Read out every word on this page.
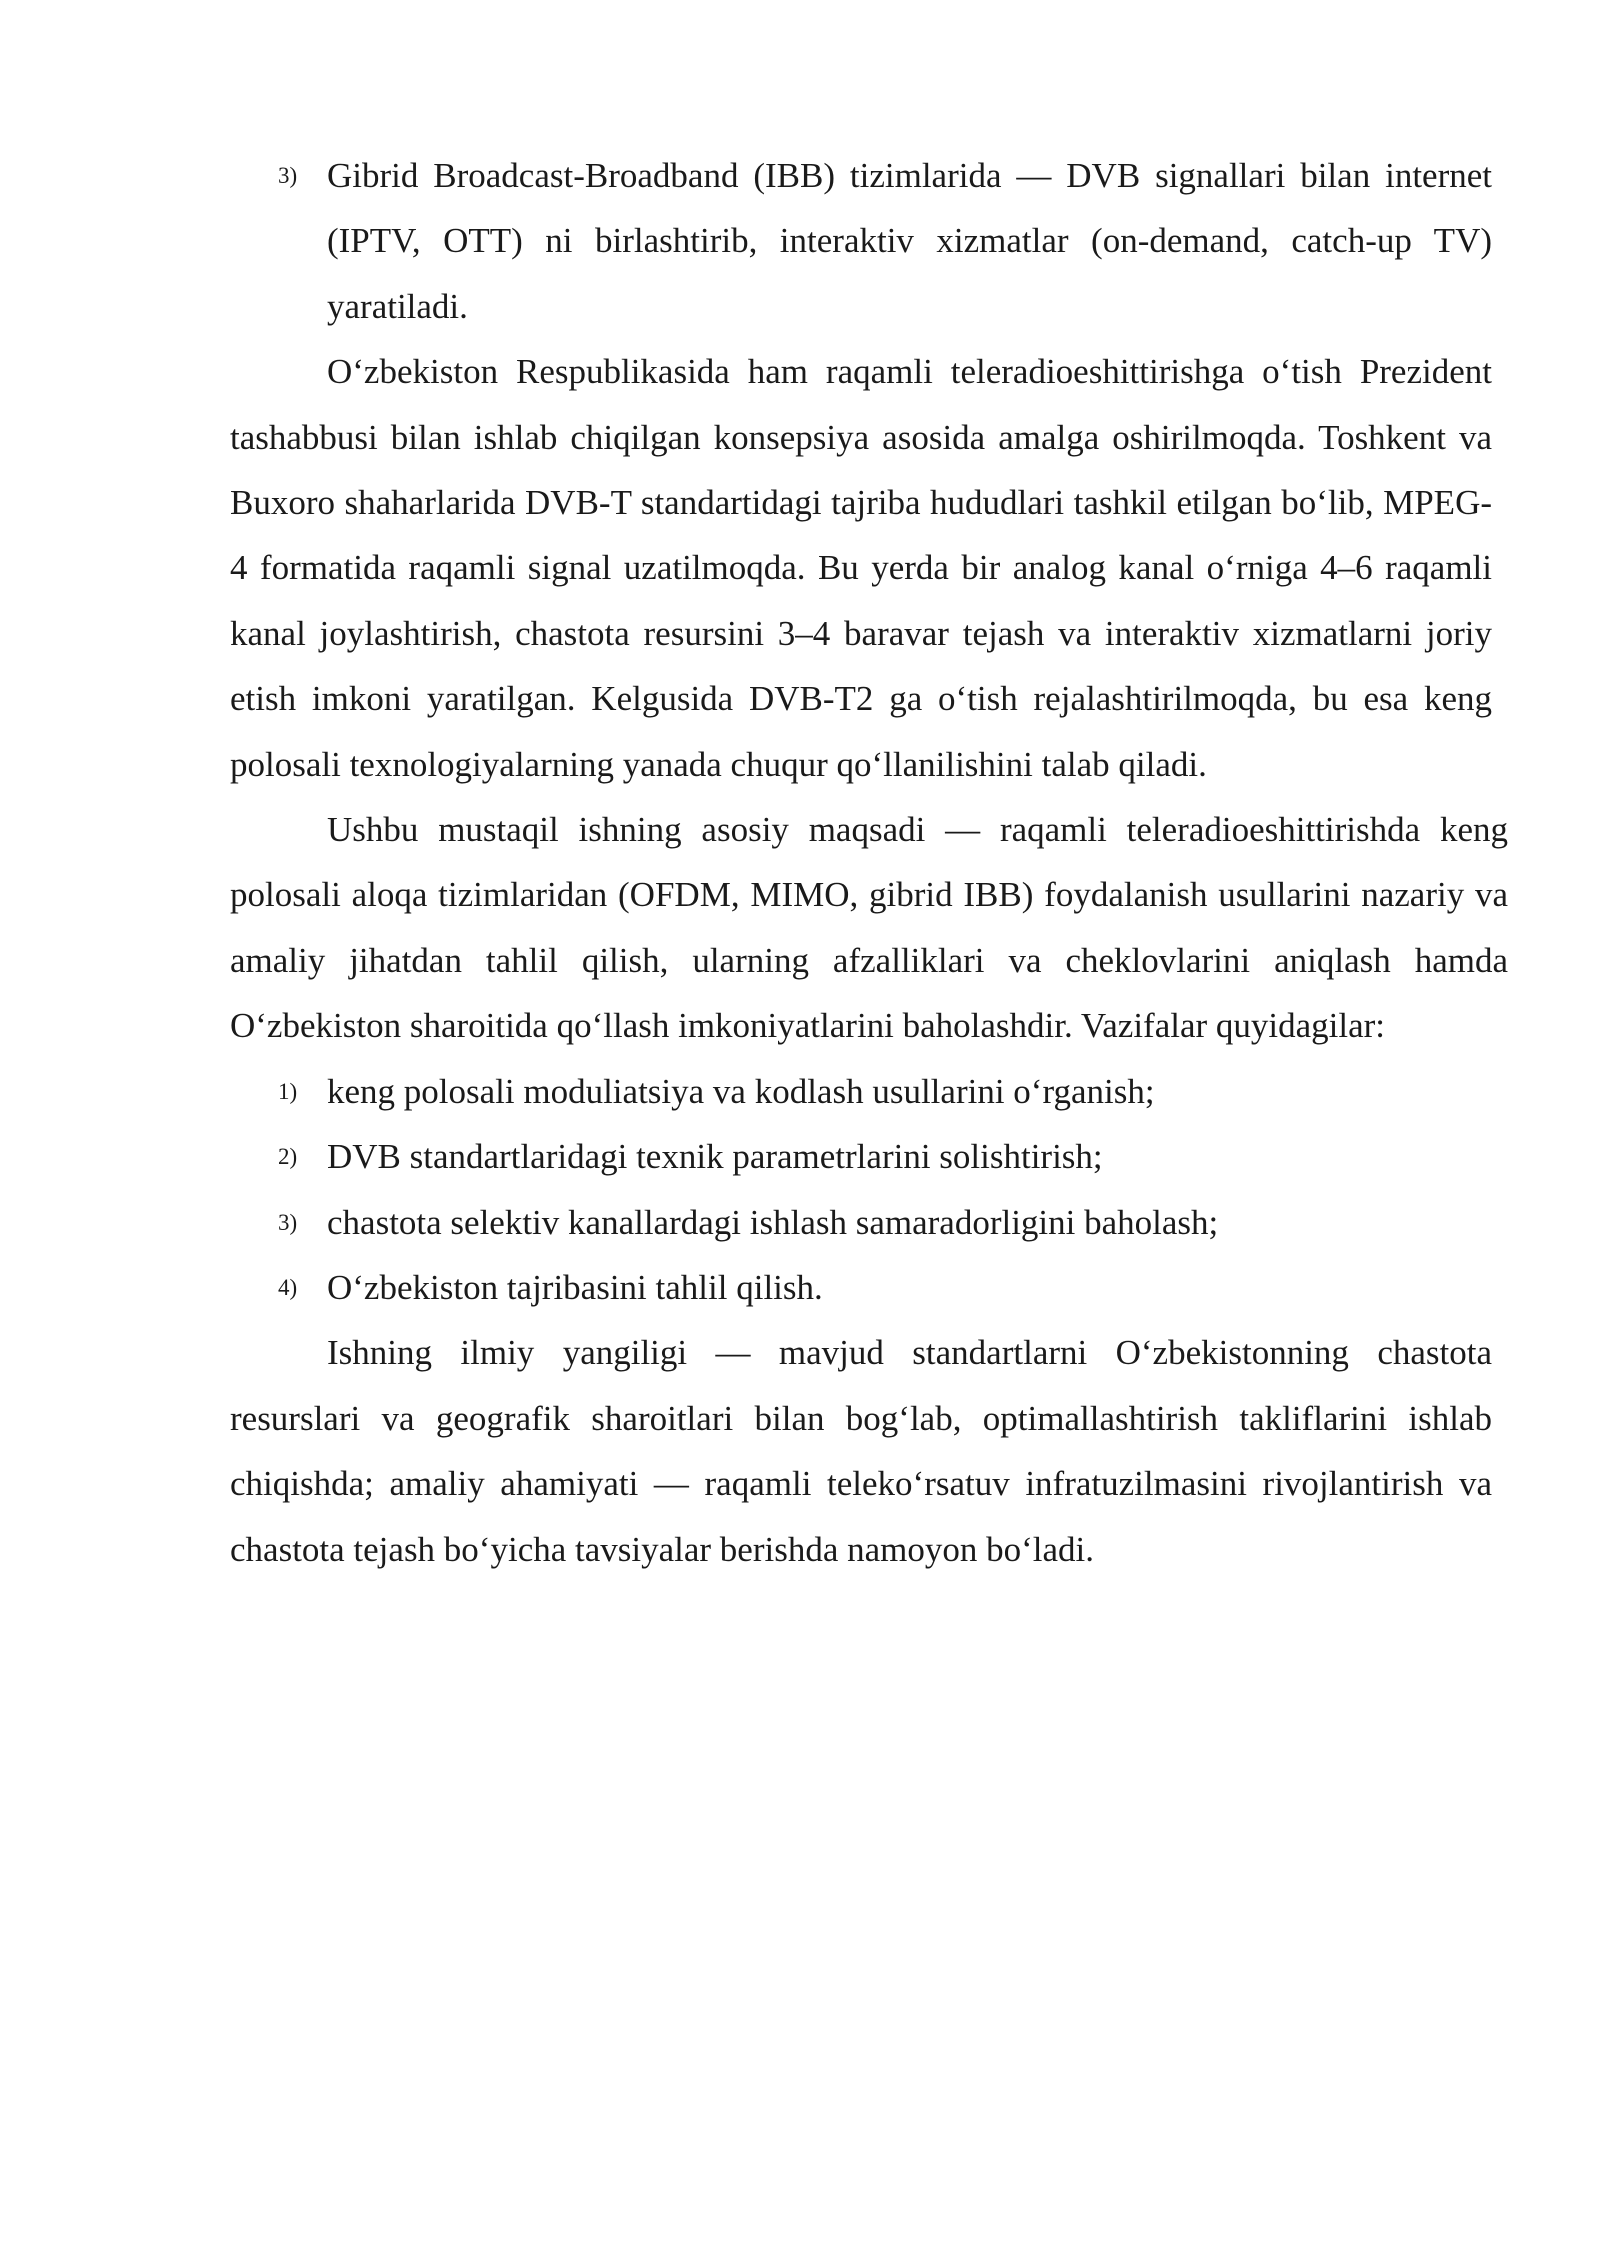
3) Gibrid Broadcast-Broadband (IBB) tizimlarida — DVB signallari bilan internet (IPTV, OTT) ni birlashtirib, interaktiv xizmatlar (on-demand, catch-up TV) yaratiladi.

O‘zbekiston Respublikasida ham raqamli teleradioeshittirishga o‘tish Prezident tashabbusi bilan ishlab chiqilgan konsepsiya asosida amalga oshirilmoqda. Toshkent va Buxoro shaharlarida DVB-T standartidagi tajriba hududlari tashkil etilgan bo‘lib, MPEG-4 formatida raqamli signal uzatilmoqda. Bu yerda bir analog kanal o‘rniga 4–6 raqamli kanal joylashtirish, chastota resursini 3–4 baravar tejash va interaktiv xizmatlarni joriy etish imkoni yaratilgan. Kelgusida DVB-T2 ga o‘tish rejalashtirilmoqda, bu esa keng polosali texnologiyalarning yanada chuqur qo‘llanilishini talab qiladi.

Ushbu mustaqil ishning asosiy maqsadi — raqamli teleradioeshittirishda keng polosali aloqa tizimlaridan (OFDM, MIMO, gibrid IBB) foydalanish usullarini nazariy va amaliy jihatdan tahlil qilish, ularning afzalliklari va cheklovlarini aniqlash hamda O‘zbekiston sharoitida qo‘llash imkoniyatlarini baholashdir. Vazifalar quyidagilar:

1) keng polosali moduliatsiya va kodlash usullarini o‘rganish;
2) DVB standartlaridagi texnik parametrlarini solishtirish;
3) chastota selektiv kanallardagi ishlash samaradorligini baholash;
4) O‘zbekiston tajribasini tahlil qilish.

Ishning ilmiy yangiligi — mavjud standartlarni O‘zbekistonning chastota resurslari va geografik sharoitlari bilan bog‘lab, optimallashtirish takliflarini ishlab chiqishda; amaliy ahamiyati — raqamli teleko‘rsatuv infratuzilmasini rivojlantirish va chastota tejash bo‘yicha tavsiyalar berishda namoyon bo‘ladi.
